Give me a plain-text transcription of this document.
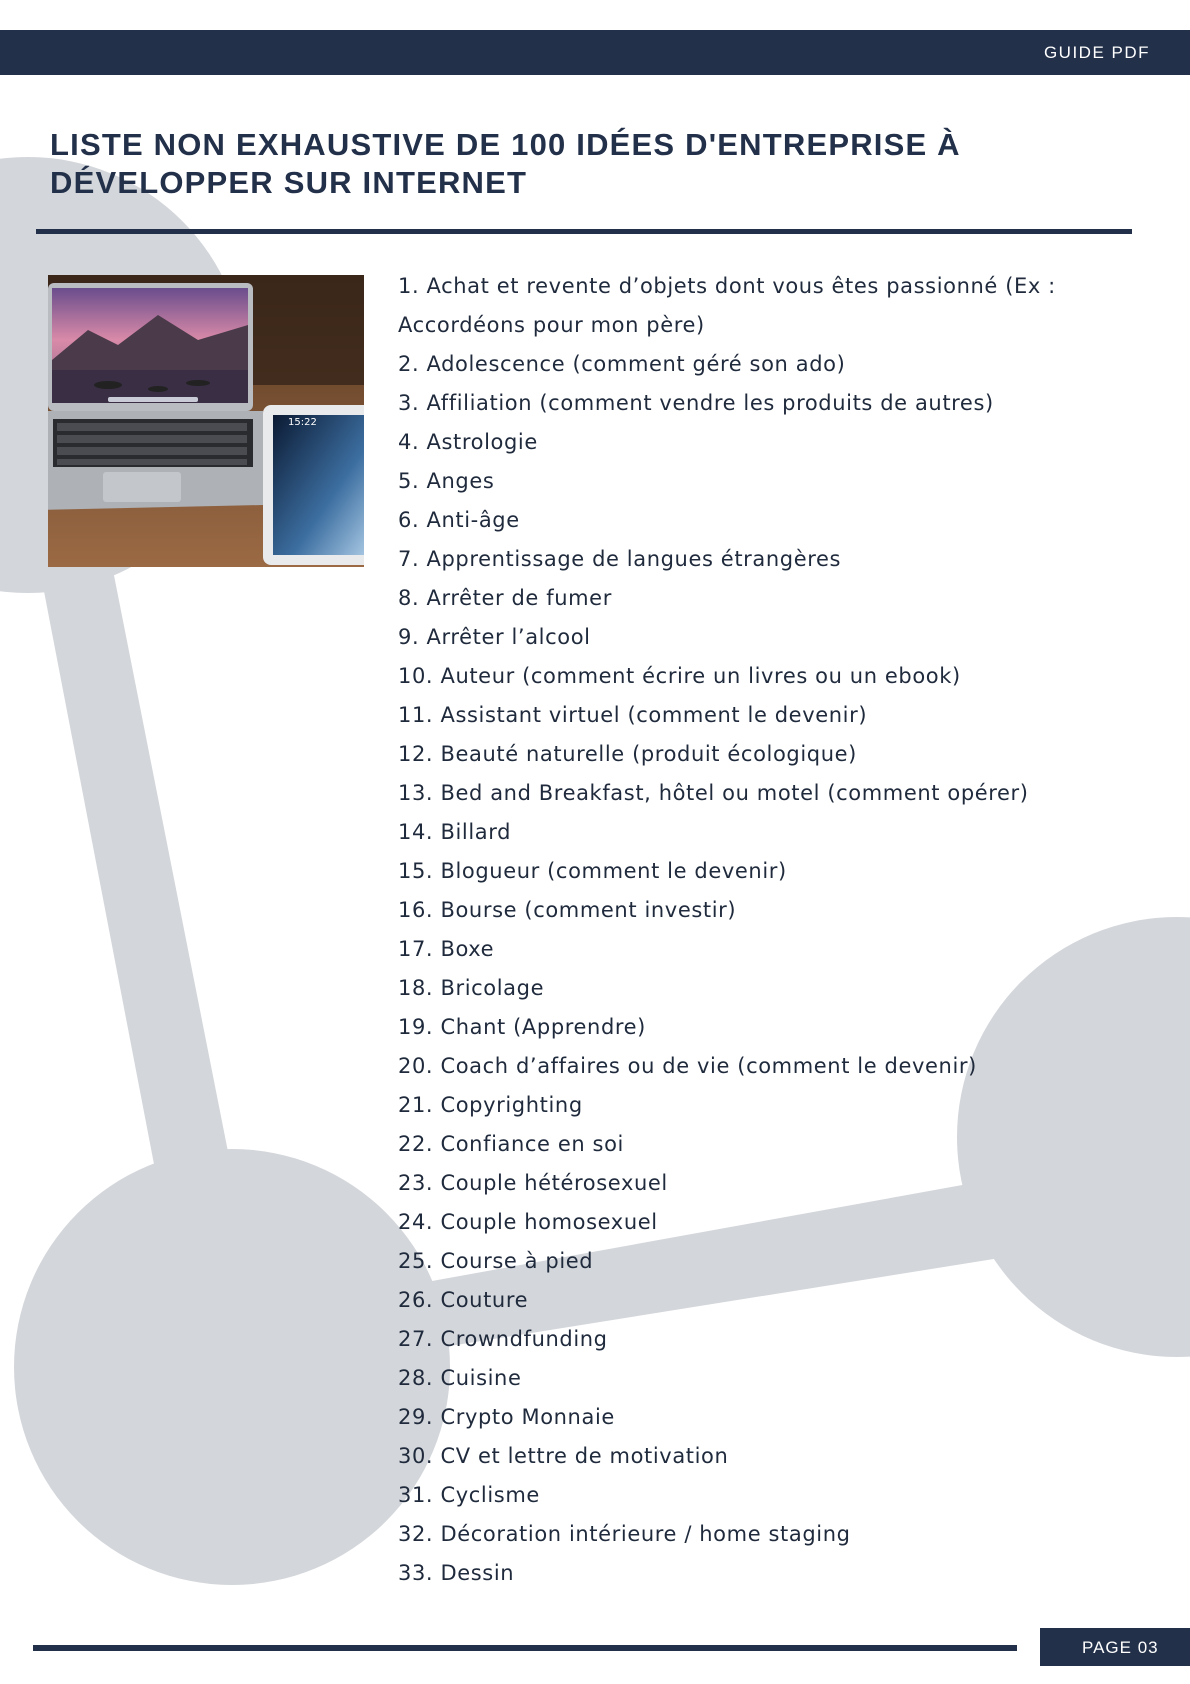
GUIDE PDF
LISTE NON EXHAUSTIVE DE 100 IDÉES D'ENTREPRISE À
DÉVELOPPER SUR INTERNET
15:22
1. Achat et revente d’objets dont vous êtes passionné (Ex : Accordéons pour mon père)
2. Adolescence (comment géré son ado)
3. Affiliation (comment vendre les produits de autres)
4. Astrologie
5. Anges
6. Anti-âge
7. Apprentissage de langues étrangères
8. Arrêter de fumer
9. Arrêter l’alcool
10. Auteur (comment écrire un livres ou un ebook)
11. Assistant virtuel (comment le devenir)
12. Beauté naturelle (produit écologique)
13. Bed and Breakfast, hôtel ou motel (comment opérer)
14. Billard
15. Blogueur (comment le devenir)
16. Bourse (comment investir)
17. Boxe
18. Bricolage
19. Chant (Apprendre)
20. Coach d’affaires ou de vie (comment le devenir)
21. Copyrighting
22. Confiance en soi
23. Couple hétérosexuel
24. Couple homosexuel
25. Course à pied
26. Couture
27. Crowndfunding
28. Cuisine
29. Crypto Monnaie
30. CV et lettre de motivation
31. Cyclisme
32. Décoration intérieure / home staging
33. Dessin
PAGE 03
